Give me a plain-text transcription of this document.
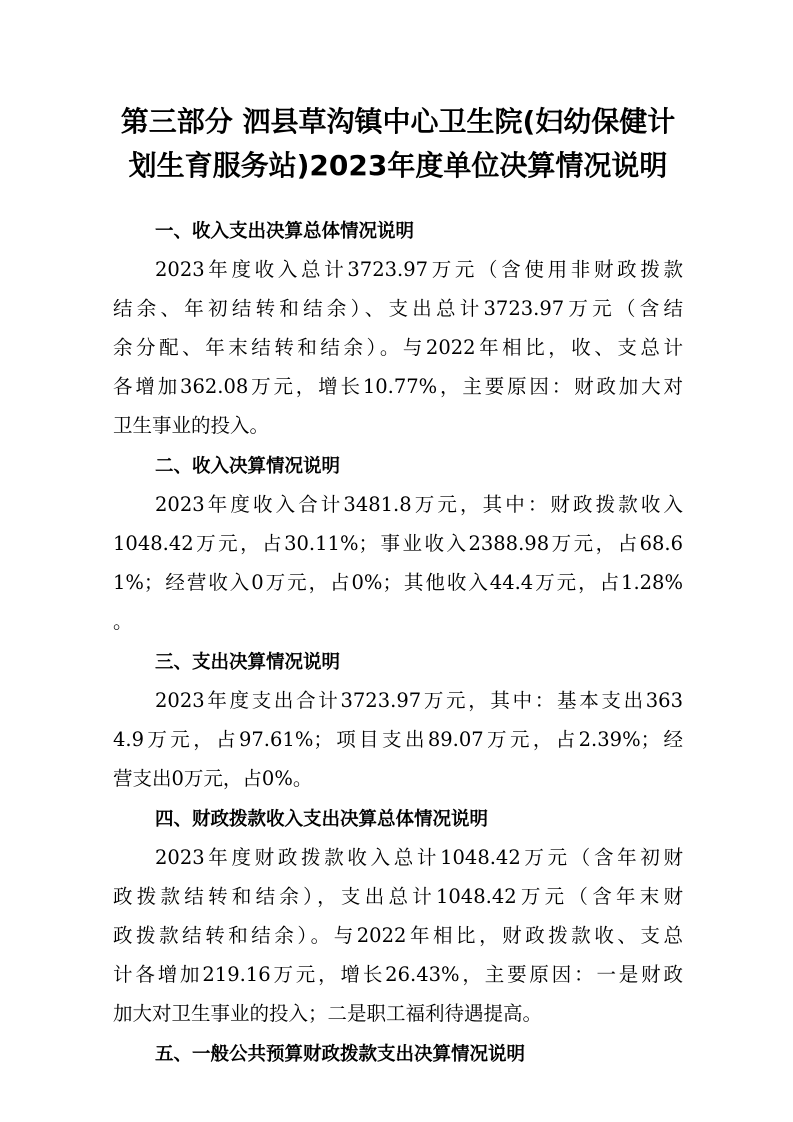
第三部分 泗县草沟镇中心卫生院(妇幼保健计
划生育服务站)2023年度单位决算情况说明
一、收入支出决算总体情况说明
2023年度收入总计3723.97万元（含使用非财政拨款
结余、年初结转和结余）、支出总计3723.97万元（含结
余分配、年末结转和结余）。与2022年相比，收、支总计
各增加362.08万元，增长10.77%，主要原因：财政加大对
卫生事业的投入。
二、收入决算情况说明
2023年度收入合计3481.8万元，其中：财政拨款收入
1048.42万元，占30.11%；事业收入2388.98万元，占68.6
1%；经营收入0万元，占0%；其他收入44.4万元，占1.28%
。
三、支出决算情况说明
2023年度支出合计3723.97万元，其中：基本支出363
4.9万元，占97.61%；项目支出89.07万元，占2.39%；经
营支出0万元，占0%。
四、财政拨款收入支出决算总体情况说明
2023年度财政拨款收入总计1048.42万元（含年初财
政拨款结转和结余），支出总计1048.42万元（含年末财
政拨款结转和结余）。与2022年相比，财政拨款收、支总
计各增加219.16万元，增长26.43%，主要原因：一是财政
加大对卫生事业的投入；二是职工福利待遇提高。
五、一般公共预算财政拨款支出决算情况说明
